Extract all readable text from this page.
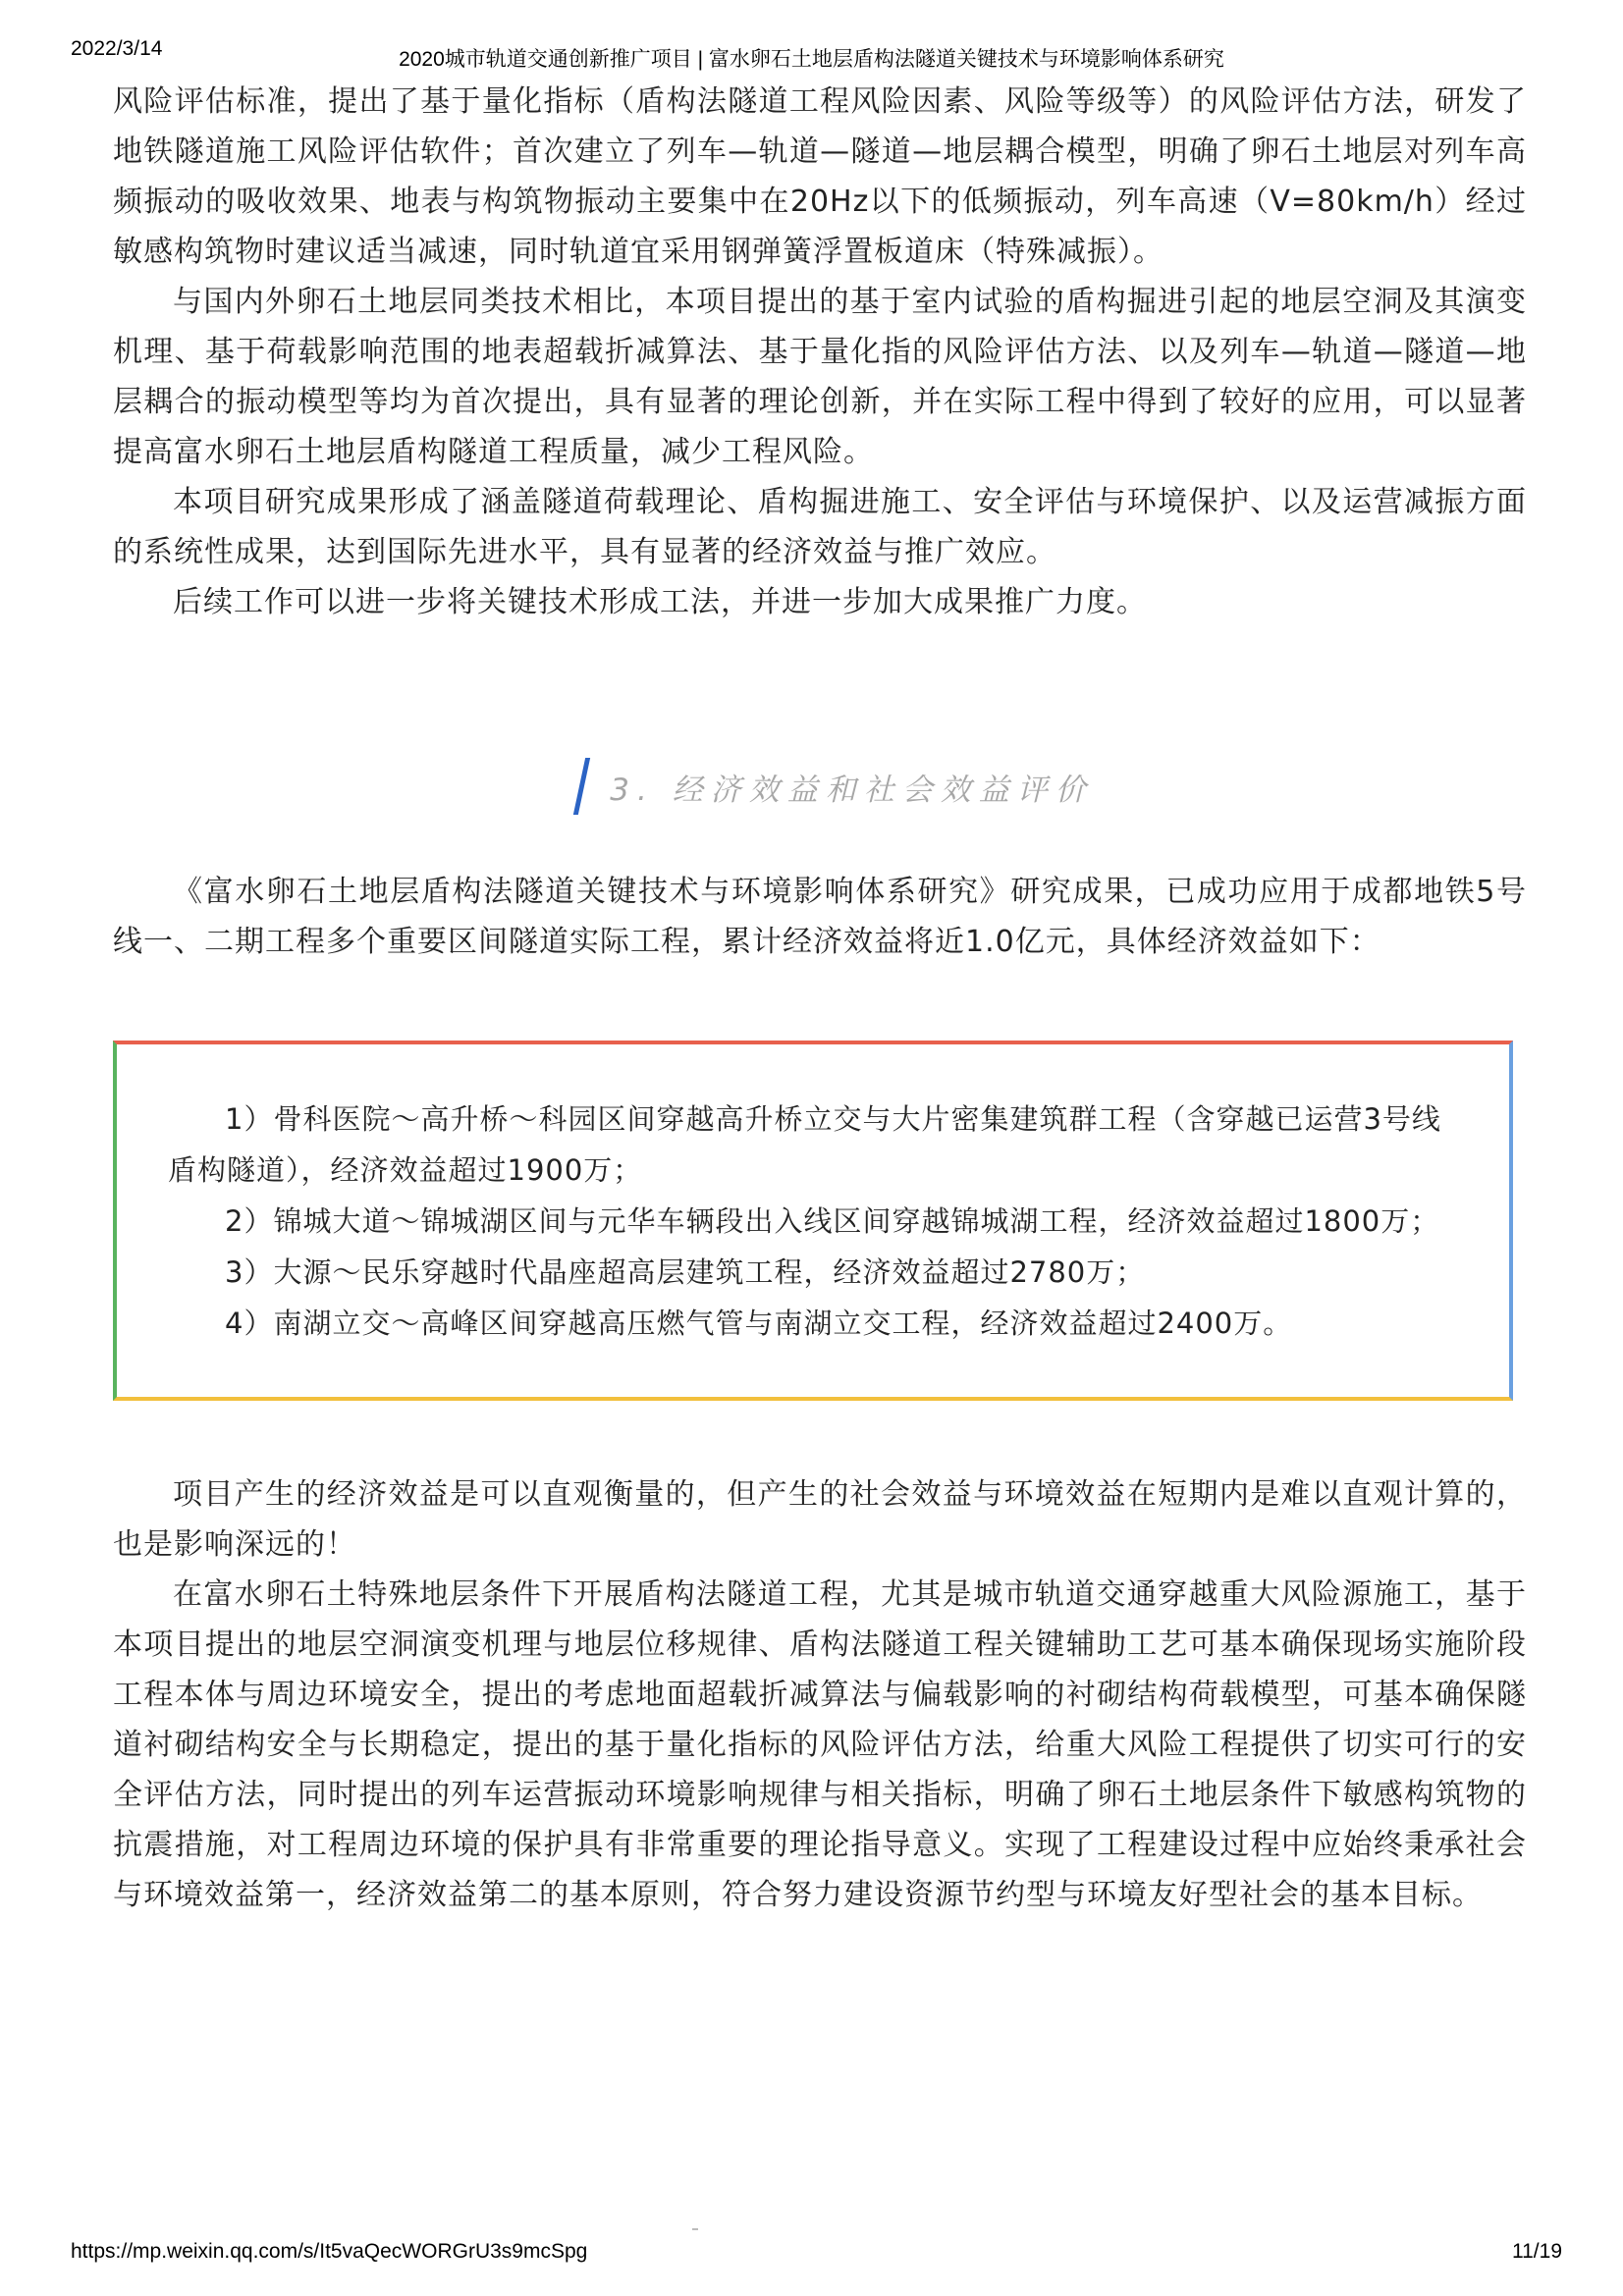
2022/3/14	2020城市轨道交通创新推广项目 | 富水卵石土地层盾构法隧道关键技术与环境影响体系研究

风险评估标准，提出了基于量化指标（盾构法隧道工程风险因素、风险等级等）的风险评估方法，研发了地铁隧道施工风险评估软件；首次建立了列车—轨道—隧道—地层耦合模型，明确了卵石土地层对列车高频振动的吸收效果、地表与构筑物振动主要集中在20Hz以下的低频振动，列车高速（V=80km/h）经过敏感构筑物时建议适当减速，同时轨道宜采用钢弹簧浮置板道床（特殊减振）。

与国内外卵石土地层同类技术相比，本项目提出的基于室内试验的盾构掘进引起的地层空洞及其演变机理、基于荷载影响范围的地表超载折减算法、基于量化指的风险评估方法、以及列车—轨道—隧道—地层耦合的振动模型等均为首次提出，具有显著的理论创新，并在实际工程中得到了较好的应用，可以显著提高富水卵石土地层盾构隧道工程质量，减少工程风险。

本项目研究成果形成了涵盖隧道荷载理论、盾构掘进施工、安全评估与环境保护、以及运营减振方面的系统性成果，达到国际先进水平，具有显著的经济效益与推广效应。

后续工作可以进一步将关键技术形成工法，并进一步加大成果推广力度。

3. 经济效益和社会效益评价

《富水卵石土地层盾构法隧道关键技术与环境影响体系研究》研究成果，已成功应用于成都地铁5号线一、二期工程多个重要区间隧道实际工程，累计经济效益将近1.0亿元，具体经济效益如下：

1）骨科医院～高升桥～科园区间穿越高升桥立交与大片密集建筑群工程（含穿越已运营3号线盾构隧道），经济效益超过1900万；

2）锦城大道～锦城湖区间与元华车辆段出入线区间穿越锦城湖工程，经济效益超过1800万；

3）大源～民乐穿越时代晶座超高层建筑工程，经济效益超过2780万；

4）南湖立交～高峰区间穿越高压燃气管与南湖立交工程，经济效益超过2400万。

项目产生的经济效益是可以直观衡量的，但产生的社会效益与环境效益在短期内是难以直观计算的，也是影响深远的！

在富水卵石土特殊地层条件下开展盾构法隧道工程，尤其是城市轨道交通穿越重大风险源施工，基于本项目提出的地层空洞演变机理与地层位移规律、盾构法隧道工程关键辅助工艺可基本确保现场实施阶段工程本体与周边环境安全，提出的考虑地面超载折减算法与偏载影响的衬砌结构荷载模型，可基本确保隧道衬砌结构安全与长期稳定，提出的基于量化指标的风险评估方法，给重大风险工程提供了切实可行的安全评估方法，同时提出的列车运营振动环境影响规律与相关指标，明确了卵石土地层条件下敏感构筑物的抗震措施，对工程周边环境的保护具有非常重要的理论指导意义。实现了工程建设过程中应始终秉承社会与环境效益第一，经济效益第二的基本原则，符合努力建设资源节约型与环境友好型社会的基本目标。

https://mp.weixin.qq.com/s/It5vaQecWORGrU3s9mcSpg	11/19
